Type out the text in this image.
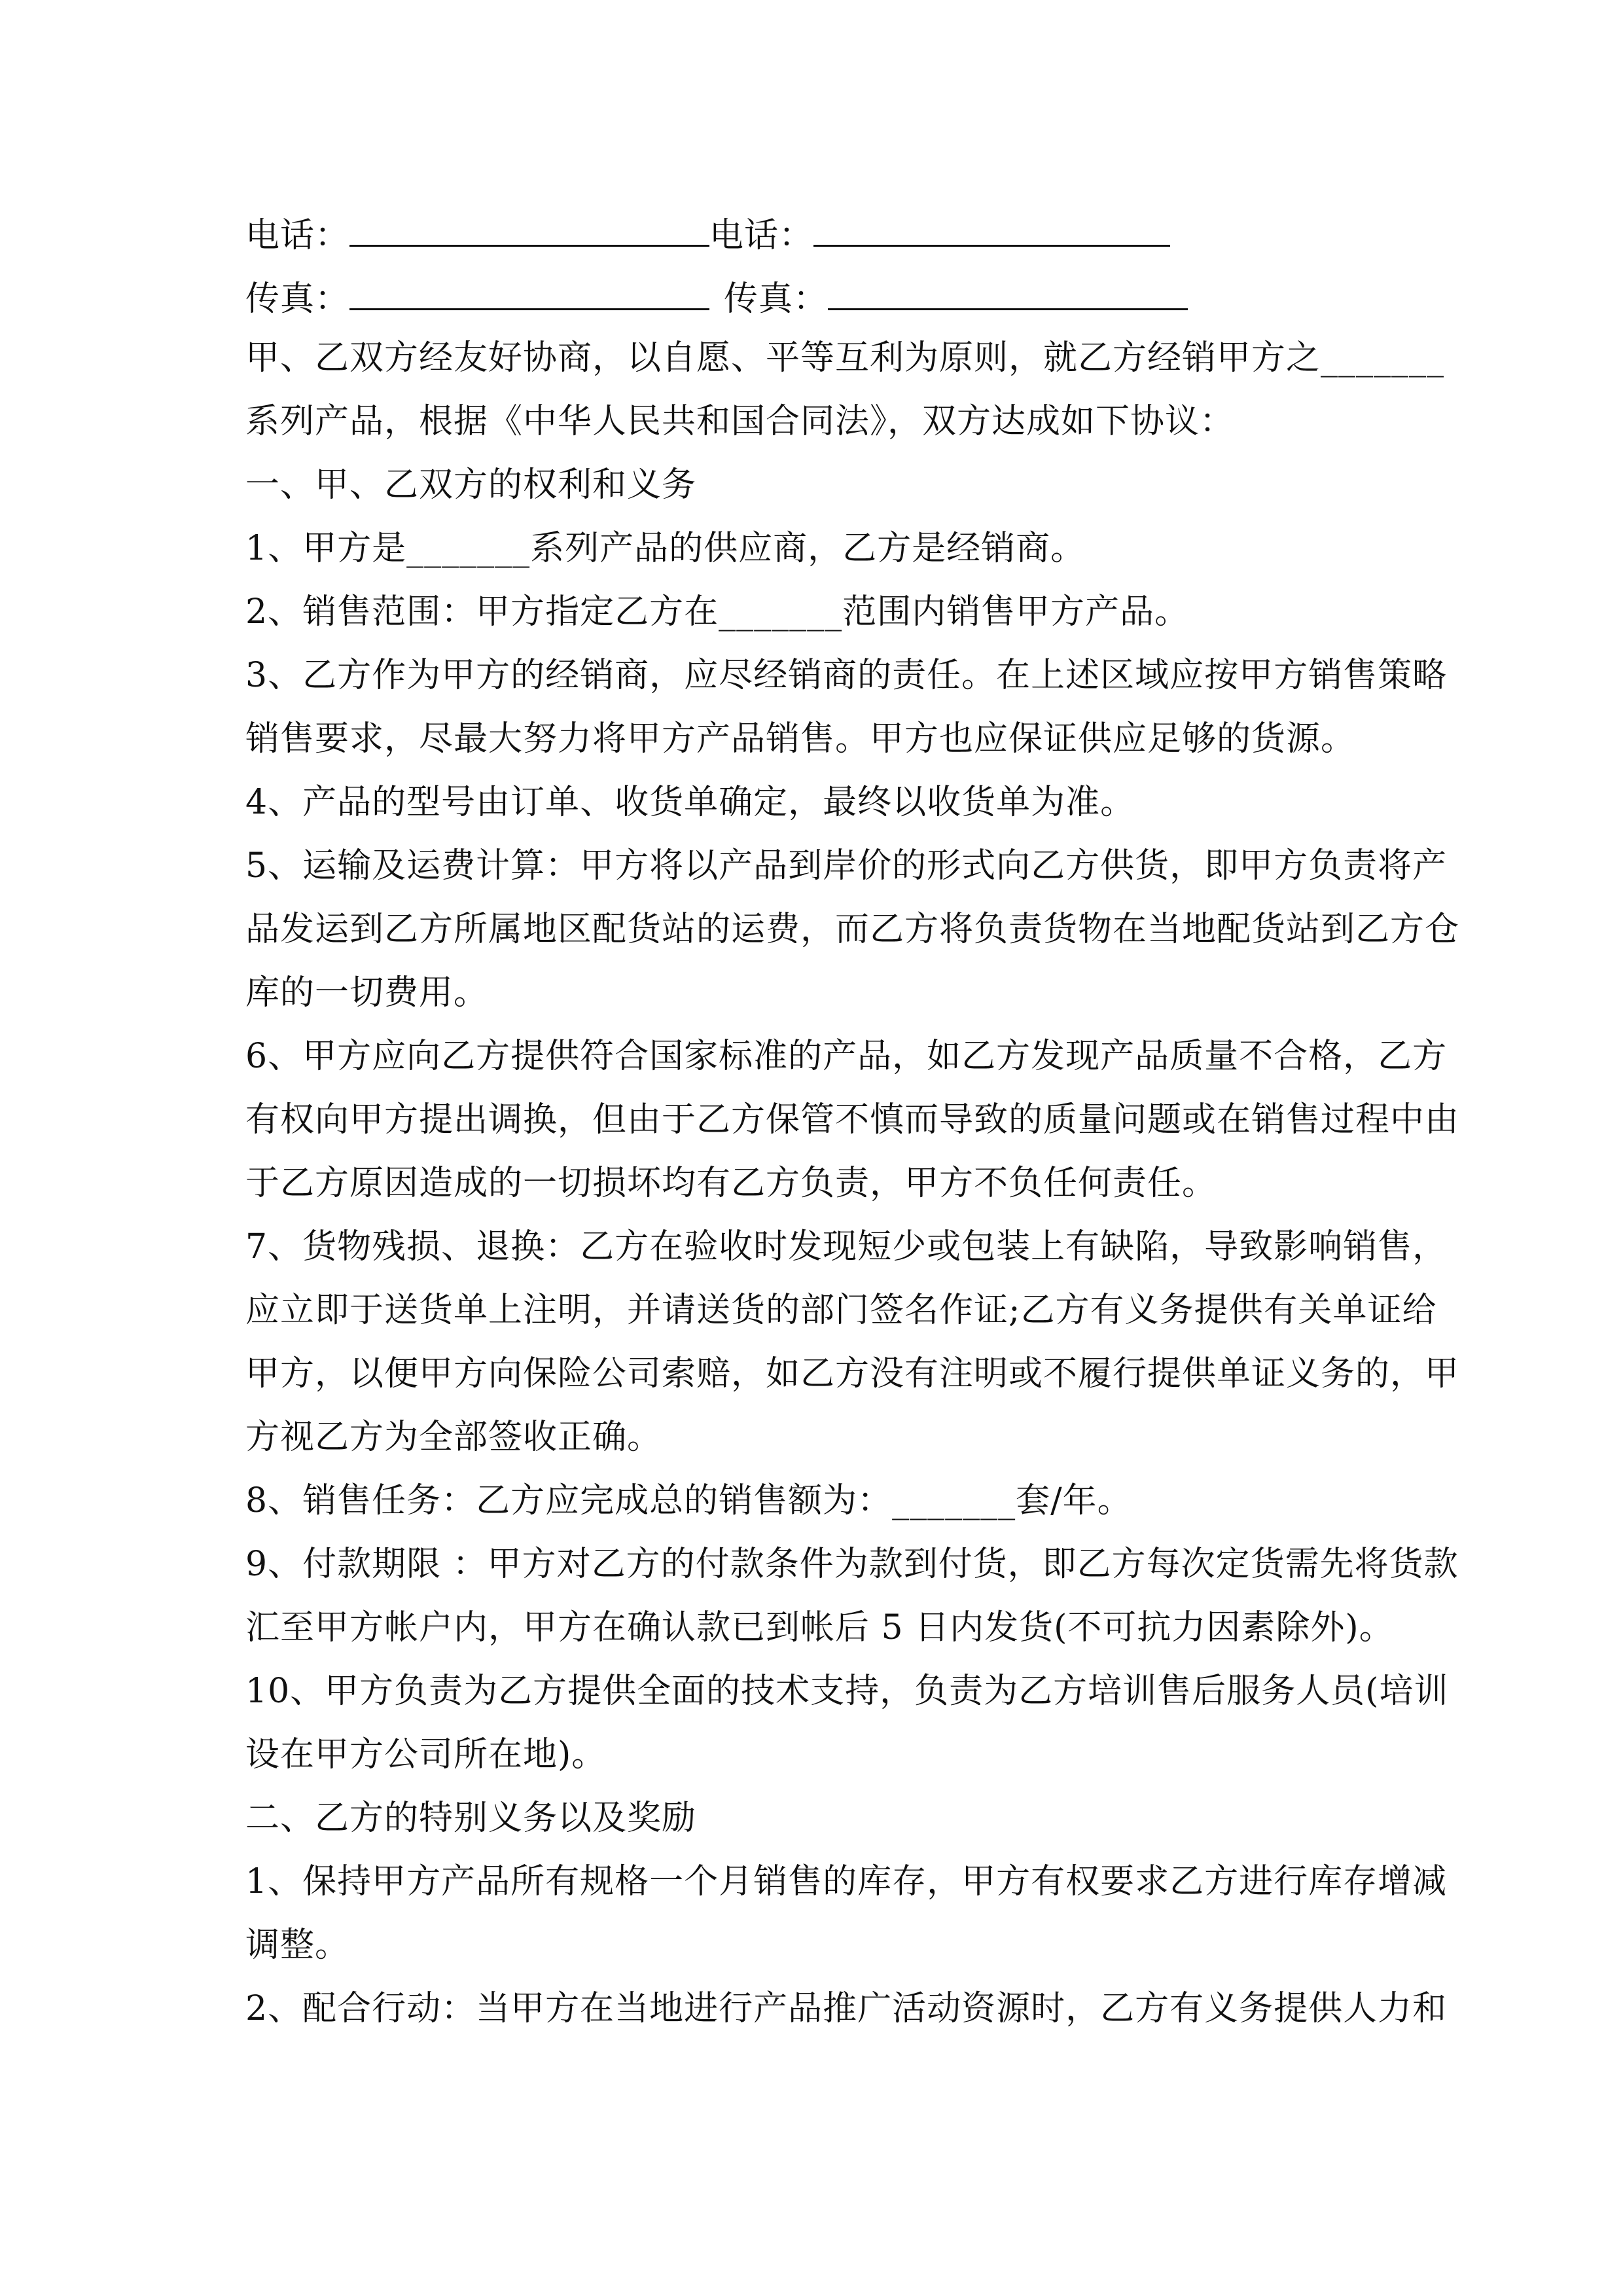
电话：	电话：
传真：	传真：
甲、乙双方经友好协商，以自愿、平等互利为原则，就乙方经销甲方之_______
系列产品，根据《中华人民共和国合同法》，双方达成如下协议：
一、甲、乙双方的权利和义务
1、甲方是_______系列产品的供应商，乙方是经销商。
2、销售范围：甲方指定乙方在_______范围内销售甲方产品。
3、乙方作为甲方的经销商，应尽经销商的责任。在上述区域应按甲方销售策略
销售要求，尽最大努力将甲方产品销售。甲方也应保证供应足够的货源。
4、产品的型号由订单、收货单确定，最终以收货单为准。
5、运输及运费计算：甲方将以产品到岸价的形式向乙方供货，即甲方负责将产
品发运到乙方所属地区配货站的运费，而乙方将负责货物在当地配货站到乙方仓
库的一切费用。
6、甲方应向乙方提供符合国家标准的产品，如乙方发现产品质量不合格，乙方
有权向甲方提出调换，但由于乙方保管不慎而导致的质量问题或在销售过程中由
于乙方原因造成的一切损坏均有乙方负责，甲方不负任何责任。
7、货物残损、退换：乙方在验收时发现短少或包装上有缺陷，导致影响销售，
应立即于送货单上注明，并请送货的部门签名作证;乙方有义务提供有关单证给
甲方，以便甲方向保险公司索赔，如乙方没有注明或不履行提供单证义务的，甲
方视乙方为全部签收正确。
8、销售任务：乙方应完成总的销售额为：_______套/年。
9、付款期限 ：甲方对乙方的付款条件为款到付货，即乙方每次定货需先将货款
汇至甲方帐户内，甲方在确认款已到帐后 5 日内发货(不可抗力因素除外)。
10、甲方负责为乙方提供全面的技术支持，负责为乙方培训售后服务人员(培训
设在甲方公司所在地)。
二、乙方的特别义务以及奖励
1、保持甲方产品所有规格一个月销售的库存，甲方有权要求乙方进行库存增减
调整。
2、配合行动：当甲方在当地进行产品推广活动资源时，乙方有义务提供人力和
